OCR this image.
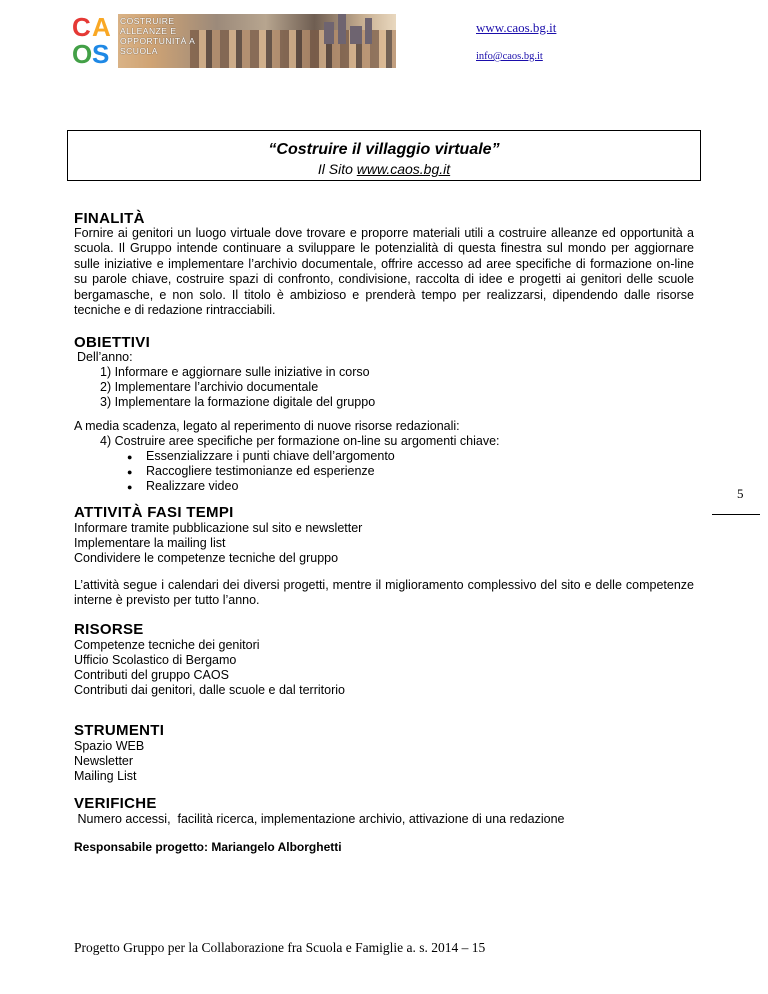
C A
O S
COSTRUIRE
ALLEANZE E
OPPORTUNITÀ A
SCUOLA
www.caos.bg.it
info@caos.bg.it
“Costruire il villaggio virtuale”
Il Sito www.caos.bg.it
FINALITÀ
Fornire ai genitori un luogo virtuale dove trovare e proporre materiali utili a costruire alleanze ed opportunità a scuola. Il Gruppo intende continuare a sviluppare le potenzialità di questa finestra sul mondo per aggiornare sulle iniziative e implementare l’archivio documentale, offrire accesso ad aree specifiche di formazione on-line su parole chiave, costruire spazi di confronto, condivisione, raccolta di idee e progetti ai genitori delle scuole bergamasche, e non solo. Il titolo è ambizioso e prenderà tempo per realizzarsi, dipendendo dalle risorse tecniche e di redazione rintracciabili.
OBIETTIVI
Dell’anno:
1) Informare e aggiornare sulle iniziative in corso
2) Implementare l’archivio documentale
3) Implementare la formazione digitale del gruppo
A media scadenza, legato al reperimento di nuove risorse redazionali:
4) Costruire aree specifiche per formazione on-line su argomenti chiave:
● Essenzializzare i punti chiave dell’argomento
● Raccogliere testimonianze ed esperienze
● Realizzare video	5
ATTIVITÀ FASI TEMPI
Informare tramite pubblicazione sul sito e newsletter
Implementare la mailing list
Condividere le competenze tecniche del gruppo
L’attività segue i calendari dei diversi progetti, mentre il miglioramento complessivo del sito e delle competenze interne è previsto per tutto l’anno.
RISORSE
Competenze tecniche dei genitori
Ufficio Scolastico di Bergamo
Contributi del gruppo CAOS
Contributi dai genitori, dalle scuole e dal territorio
STRUMENTI
Spazio WEB
Newsletter
Mailing List
VERIFICHE
Numero accessi,  facilità ricerca, implementazione archivio, attivazione di una redazione
Responsabile progetto: Mariangelo Alborghetti
Progetto Gruppo per la Collaborazione fra Scuola e Famiglie a. s. 2014 – 15
